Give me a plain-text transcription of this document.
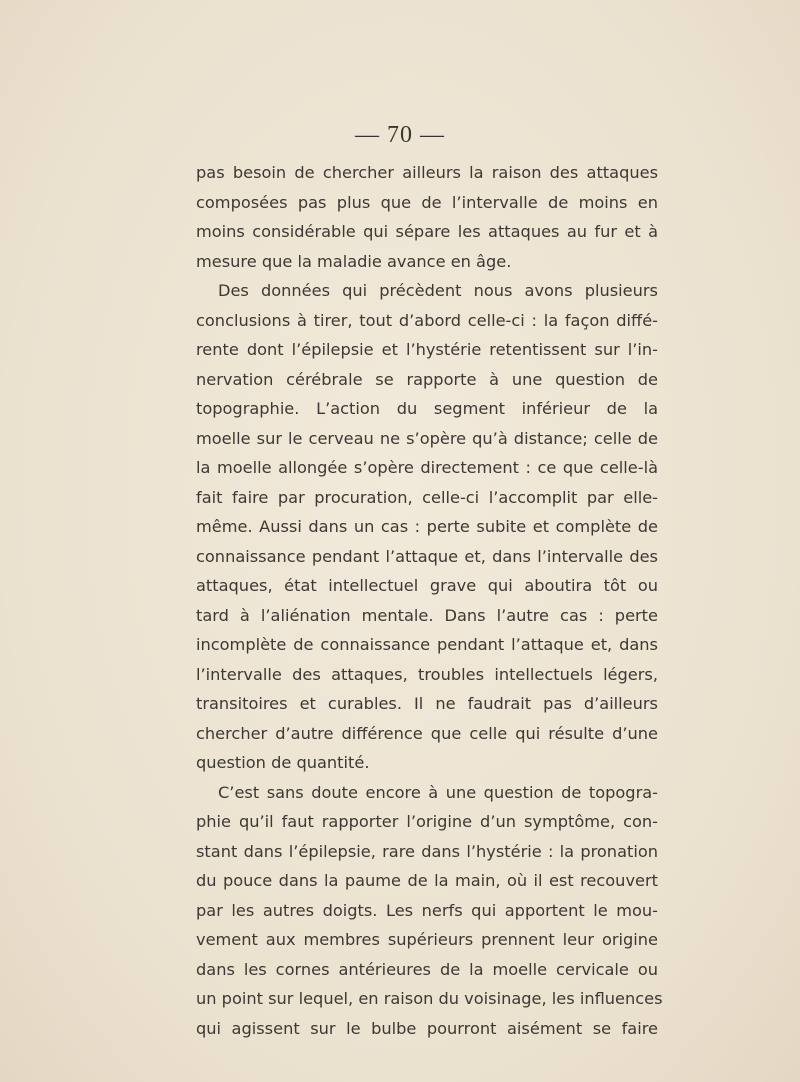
— 70 —
pas besoin de chercher ailleurs la raison des attaques
composées pas plus que de l’intervalle de moins en
moins considérable qui sépare les attaques au fur et à
mesure que la maladie avance en âge.
Des données qui précèdent nous avons plusieurs
conclusions à tirer, tout d’abord celle-ci : la façon diffé-
rente dont l’épilepsie et l’hystérie retentissent sur l’in-
nervation cérébrale se rapporte à une question de
topographie. L’action du segment inférieur de la
moelle sur le cerveau ne s’opère qu’à distance; celle de
la moelle allongée s’opère directement : ce que celle-là
fait faire par procuration, celle-ci l’accomplit par elle-
même. Aussi dans un cas : perte subite et complète de
connaissance pendant l’attaque et, dans l’intervalle des
attaques, état intellectuel grave qui aboutira tôt ou
tard à l’aliénation mentale. Dans l’autre cas : perte
incomplète de connaissance pendant l’attaque et, dans
l’intervalle des attaques, troubles intellectuels légers,
transitoires et curables. Il ne faudrait pas d’ailleurs
chercher d’autre différence que celle qui résulte d’une
question de quantité.
C’est sans doute encore à une question de topogra-
phie qu’il faut rapporter l’origine d’un symptôme, con-
stant dans l’épilepsie, rare dans l’hystérie : la pronation
du pouce dans la paume de la main, où il est recouvert
par les autres doigts. Les nerfs qui apportent le mou-
vement aux membres supérieurs prennent leur origine
dans les cornes antérieures de la moelle cervicale ou
un point sur lequel, en raison du voisinage, les influences
qui agissent sur le bulbe pourront aisément se faire
